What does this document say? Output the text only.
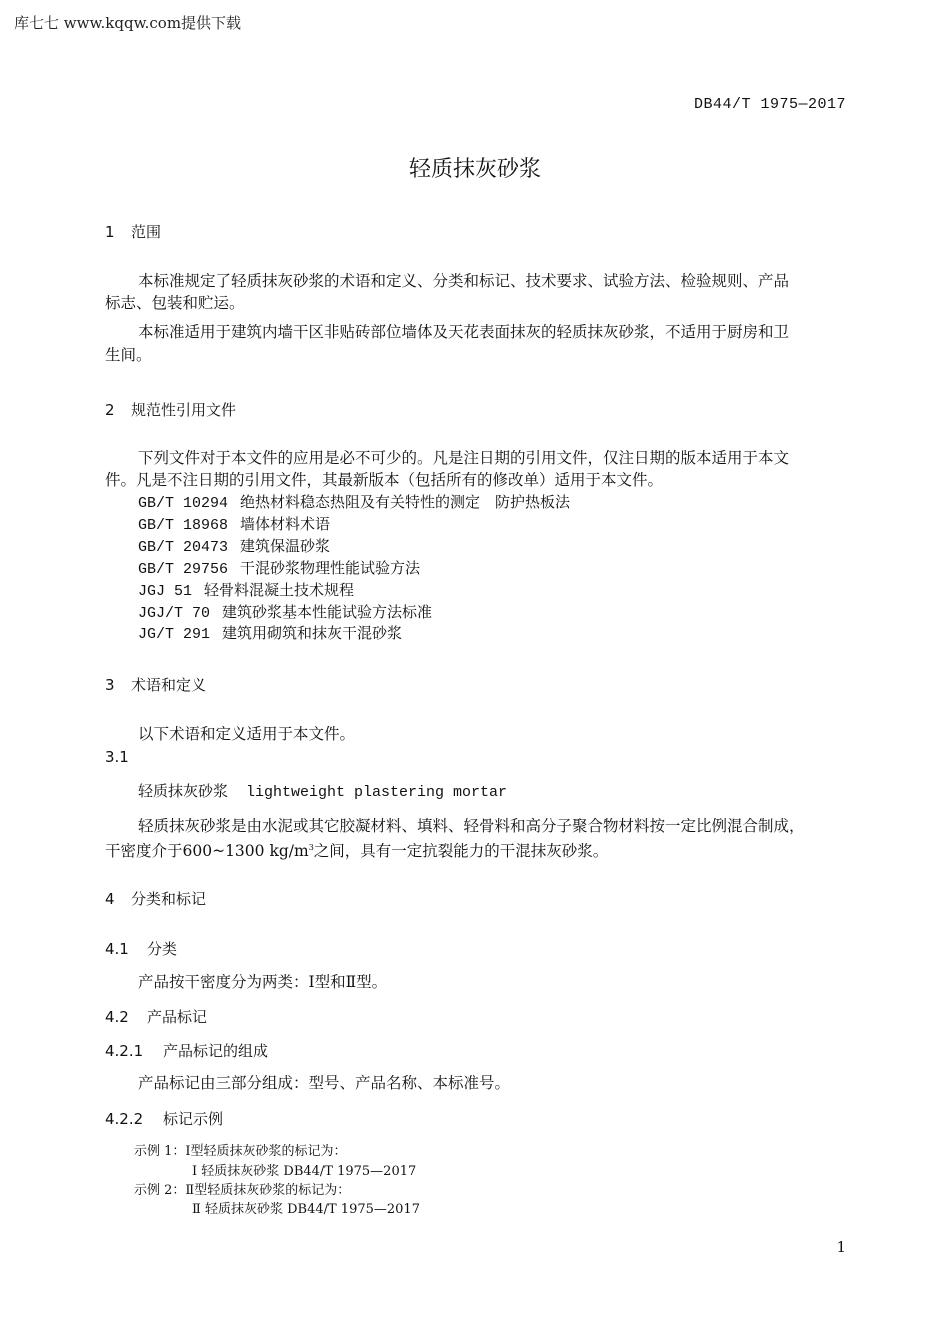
库七七 www.kqqw.com提供下载
DB44/T 1975—2017
轻质抹灰砂浆
1 范围
本标准规定了轻质抹灰砂浆的术语和定义、分类和标记、技术要求、试验方法、检验规则、产品
标志、包装和贮运。
本标准适用于建筑内墙干区非贴砖部位墙体及天花表面抹灰的轻质抹灰砂浆，不适用于厨房和卫
生间。
2 规范性引用文件
下列文件对于本文件的应用是必不可少的。凡是注日期的引用文件，仅注日期的版本适用于本文
件。凡是不注日期的引用文件，其最新版本（包括所有的修改单）适用于本文件。
GB/T 10294 绝热材料稳态热阻及有关特性的测定　防护热板法
GB/T 18968 墙体材料术语
GB/T 20473 建筑保温砂浆
GB/T 29756 干混砂浆物理性能试验方法
JGJ 51 轻骨料混凝土技术规程
JGJ/T 70 建筑砂浆基本性能试验方法标准
JG/T 291 建筑用砌筑和抹灰干混砂浆
3 术语和定义
以下术语和定义适用于本文件。
3.1
轻质抹灰砂浆 lightweight plastering mortar
轻质抹灰砂浆是由水泥或其它胶凝材料、填料、轻骨料和高分子聚合物材料按一定比例混合制成，
干密度介于600~1300 $kg/m^3$之间，具有一定抗裂能力的干混抹灰砂浆。
4 分类和标记
4.1 分类
产品按干密度分为两类：Ⅰ型和Ⅱ型。
4.2 产品标记
4.2.1 产品标记的组成
产品标记由三部分组成：型号、产品名称、本标准号。
4.2.2 标记示例
示例 1：Ⅰ型轻质抹灰砂浆的标记为：
Ⅰ 轻质抹灰砂浆 DB44/T 1975—2017
示例 2：Ⅱ型轻质抹灰砂浆的标记为：
Ⅱ 轻质抹灰砂浆 DB44/T 1975—2017
1
